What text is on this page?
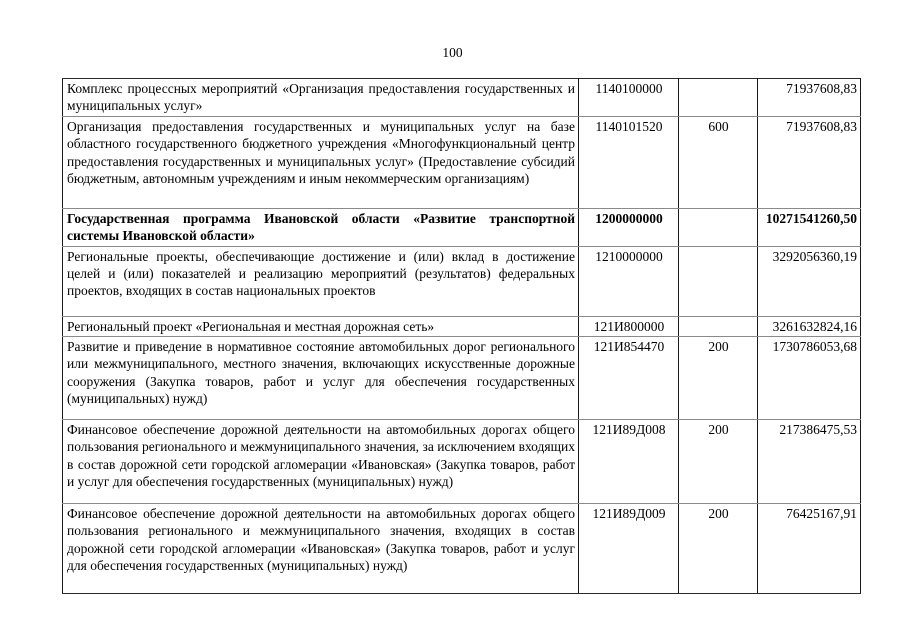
100
Комплекс процессных мероприятий «Организация предоставления государственных и муниципальных услуг»	1140100000		71937608,83
Организация предоставления государственных и муниципальных услуг на базе областного государственного бюджетного учреждения «Многофункциональный центр предоставления государственных и муниципальных услуг» (Предоставление субсидий бюджетным, автономным учреждениям и иным некоммерческим организациям)	1140101520	600	71937608,83
Государственная программа Ивановской области «Развитие транспортной системы Ивановской области»	1200000000		10271541260,50
Региональные проекты, обеспечивающие достижение и (или) вклад в достижение целей и (или) показателей и реализацию мероприятий (результатов) федеральных проектов, входящих в состав национальных проектов	1210000000		3292056360,19
Региональный проект «Региональная и местная дорожная сеть»	121И800000		3261632824,16
Развитие и приведение в нормативное состояние автомобильных дорог регионального или межмуниципального, местного значения, включающих искусственные дорожные сооружения (Закупка товаров, работ и услуг для обеспечения государственных (муниципальных) нужд)	121И854470	200	1730786053,68
Финансовое обеспечение дорожной деятельности на автомобильных дорогах общего пользования регионального и межмуниципального значения, за исключением входящих в состав дорожной сети городской агломерации «Ивановская» (Закупка товаров, работ и услуг для обеспечения государственных (муниципальных) нужд)	121И89Д008	200	217386475,53
Финансовое обеспечение дорожной деятельности на автомобильных дорогах общего пользования регионального и межмуниципального значения, входящих в состав дорожной сети городской агломерации «Ивановская» (Закупка товаров, работ и услуг для обеспечения государственных (муниципальных) нужд)	121И89Д009	200	76425167,91
